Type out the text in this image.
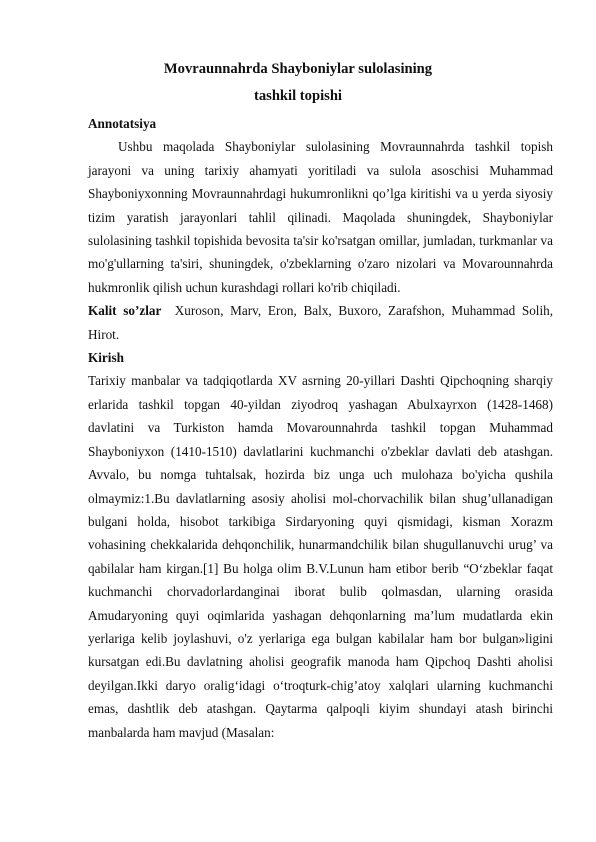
Movraunnahrda Shayboniylar sulolasining
tashkil topishi

Annotatsiya

Ushbu maqolada Shayboniylar sulolasining Movraunnahrda tashkil topish jarayoni va uning tarixiy ahamyati yoritiladi va sulola asoschisi Muhammad Shayboniyxonning Movraunnahrdagi hukumronlikni qo’lga kiritishi va u yerda siyosiy tizim yaratish jarayonlari tahlil qilinadi. Maqolada shuningdek, Shayboniylar sulolasining tashkil topishida bevosita ta'sir ko'rsatgan omillar, jumladan, turkmanlar va mo'g'ullarning ta'siri, shuningdek, o'zbeklarning o'zaro nizolari va Movarounnahrda hukmronlik qilish uchun kurashdagi rollari ko'rib chiqiladi.

Kalit so’zlar Xuroson, Marv, Eron, Balx, Buxoro, Zarafshon, Muhammad Solih, Hirot.

Kirish

Tarixiy manbalar va tadqiqotlarda XV asrning 20-yillari Dashti Qipchoqning sharqiy erlarida tashkil topgan 40-yildan ziyodroq yashagan Abulxayrxon (1428-1468) davlatini va Turkiston hamda Movarounnahrda tashkil topgan Muhammad Shayboniyxon (1410-1510) davlatlarini kuchmanchi o'zbeklar davlati deb atashgan. Avvalo, bu nomga tuhtalsak, hozirda biz unga uch mulohaza bo'yicha qushila olmaymiz:1.Bu davlatlarning asosiy aholisi mol-chorvachilik bilan shug’ullanadigan bulgani holda, hisobot tarkibiga Sirdaryoning quyi qismidagi, kisman Xorazm vohasining chekkalarida dehqonchilik, hunarmandchilik bilan shugullanuvchi urug’ va qabilalar ham kirgan.[1] Bu holga olim B.V.Lunun ham etibor berib “O‘zbeklar faqat kuchmanchi chorvadorlardanginai iborat bulib qolmasdan, ularning orasida Amudaryoning quyi oqimlarida yashagan dehqonlarning ma’lum mudatlarda ekin yerlariga kelib joylashuvi, o'z yerlariga ega bulgan kabilalar ham bor bulgan»ligini kursatgan edi.Bu davlatning aholisi geografik manoda ham Qipchoq Dashti aholisi deyilgan.Ikki daryo oralig‘idagi o‘troqturk-chig’atoy xalqlari ularning kuchmanchi emas, dashtlik deb atashgan. Qaytarma qalpoqli kiyim shundayi atash birinchi manbalarda ham mavjud (Masalan:
